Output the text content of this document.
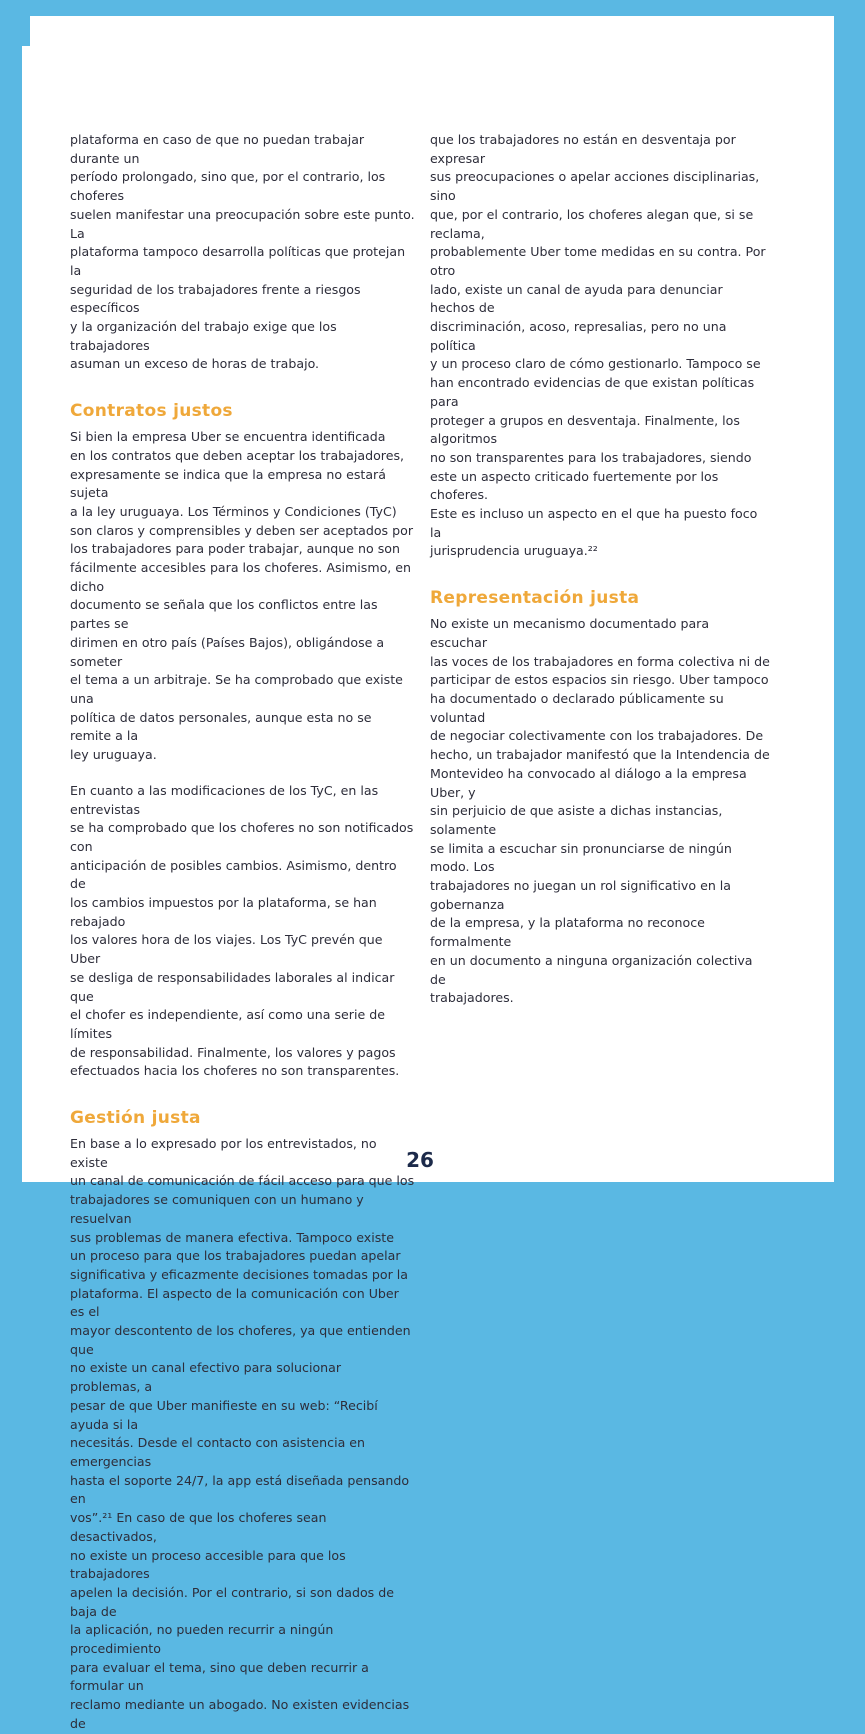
plataforma en caso de que no puedan trabajar durante un
período prolongado, sino que, por el contrario, los choferes
suelen manifestar una preocupación sobre este punto. La
plataforma tampoco desarrolla políticas que protejan la
seguridad de los trabajadores frente a riesgos específicos
y la organización del trabajo exige que los trabajadores
asuman un exceso de horas de trabajo.

Contratos justos

Si bien la empresa Uber se encuentra identificada
en los contratos que deben aceptar los trabajadores,
expresamente se indica que la empresa no estará sujeta
a la ley uruguaya. Los Términos y Condiciones (TyC)
son claros y comprensibles y deben ser aceptados por
los trabajadores para poder trabajar, aunque no son
fácilmente accesibles para los choferes. Asimismo, en dicho
documento se señala que los conflictos entre las partes se
dirimen en otro país (Países Bajos), obligándose a someter
el tema a un arbitraje. Se ha comprobado que existe una
política de datos personales, aunque esta no se remite a la
ley uruguaya.

En cuanto a las modificaciones de los TyC, en las entrevistas
se ha comprobado que los choferes no son notificados con
anticipación de posibles cambios. Asimismo, dentro de
los cambios impuestos por la plataforma, se han rebajado
los valores hora de los viajes. Los TyC prevén que Uber
se desliga de responsabilidades laborales al indicar que
el chofer es independiente, así como una serie de límites
de responsabilidad. Finalmente, los valores y pagos
efectuados hacia los choferes no son transparentes.

Gestión justa

En base a lo expresado por los entrevistados, no existe
un canal de comunicación de fácil acceso para que los
trabajadores se comuniquen con un humano y resuelvan
sus problemas de manera efectiva. Tampoco existe
un proceso para que los trabajadores puedan apelar
significativa y eficazmente decisiones tomadas por la
plataforma. El aspecto de la comunicación con Uber es el
mayor descontento de los choferes, ya que entienden que
no existe un canal efectivo para solucionar problemas, a
pesar de que Uber manifieste en su web: “Recibí ayuda si la
necesitás. Desde el contacto con asistencia en emergencias
hasta el soporte 24/7, la app está diseñada pensando en
vos”.²¹ En caso de que los choferes sean desactivados,
no existe un proceso accesible para que los trabajadores
apelen la decisión. Por el contrario, si son dados de baja de
la aplicación, no pueden recurrir a ningún procedimiento
para evaluar el tema, sino que deben recurrir a formular un
reclamo mediante un abogado. No existen evidencias de

que los trabajadores no están en desventaja por expresar
sus preocupaciones o apelar acciones disciplinarias, sino
que, por el contrario, los choferes alegan que, si se reclama,
probablemente Uber tome medidas en su contra. Por otro
lado, existe un canal de ayuda para denunciar hechos de
discriminación, acoso, represalias, pero no una política
y un proceso claro de cómo gestionarlo. Tampoco se
han encontrado evidencias de que existan políticas para
proteger a grupos en desventaja. Finalmente, los algoritmos
no son transparentes para los trabajadores, siendo
este un aspecto criticado fuertemente por los choferes.
Este es incluso un aspecto en el que ha puesto foco la
jurisprudencia uruguaya.²²

Representación justa

No existe un mecanismo documentado para escuchar
las voces de los trabajadores en forma colectiva ni de
participar de estos espacios sin riesgo. Uber tampoco
ha documentado o declarado públicamente su voluntad
de negociar colectivamente con los trabajadores. De
hecho, un trabajador manifestó que la Intendencia de
Montevideo ha convocado al diálogo a la empresa Uber, y
sin perjuicio de que asiste a dichas instancias, solamente
se limita a escuchar sin pronunciarse de ningún modo. Los
trabajadores no juegan un rol significativo en la gobernanza
de la empresa, y la plataforma no reconoce formalmente
en un documento a ninguna organización colectiva de
trabajadores.

26
